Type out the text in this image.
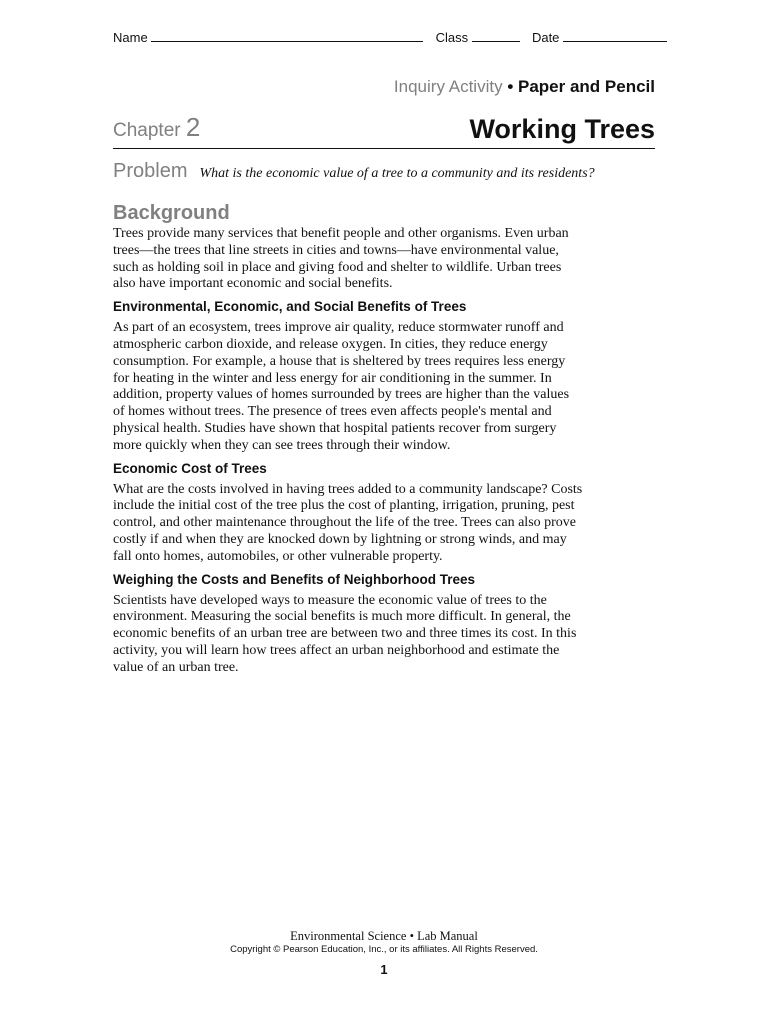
Name	Class	Date
Inquiry Activity • Paper and Pencil
Chapter 2	Working Trees
Problem What is the economic value of a tree to a community and its residents?
Background

Trees provide many services that benefit people and other organisms. Even urban trees—the trees that line streets in cities and towns—have environmental value, such as holding soil in place and giving food and shelter to wildlife. Urban trees also have important economic and social benefits.

Environmental, Economic, and Social Benefits of Trees

As part of an ecosystem, trees improve air quality, reduce stormwater runoff and atmospheric carbon dioxide, and release oxygen. In cities, they reduce energy consumption. For example, a house that is sheltered by trees requires less energy for heating in the winter and less energy for air conditioning in the summer. In addition, property values of homes surrounded by trees are higher than the values of homes without trees. The presence of trees even affects people's mental and physical health. Studies have shown that hospital patients recover from surgery more quickly when they can see trees through their window.

Economic Cost of Trees

What are the costs involved in having trees added to a community landscape? Costs include the initial cost of the tree plus the cost of planting, irrigation, pruning, pest control, and other maintenance throughout the life of the tree. Trees can also prove costly if and when they are knocked down by lightning or strong winds, and may fall onto homes, automobiles, or other vulnerable property.

Weighing the Costs and Benefits of Neighborhood Trees

Scientists have developed ways to measure the economic value of trees to the environment. Measuring the social benefits is much more difficult. In general, the economic benefits of an urban tree are between two and three times its cost. In this activity, you will learn how trees affect an urban neighborhood and estimate the value of an urban tree.

Environmental Science • Lab Manual
Copyright © Pearson Education, Inc., or its affiliates. All Rights Reserved.
1
